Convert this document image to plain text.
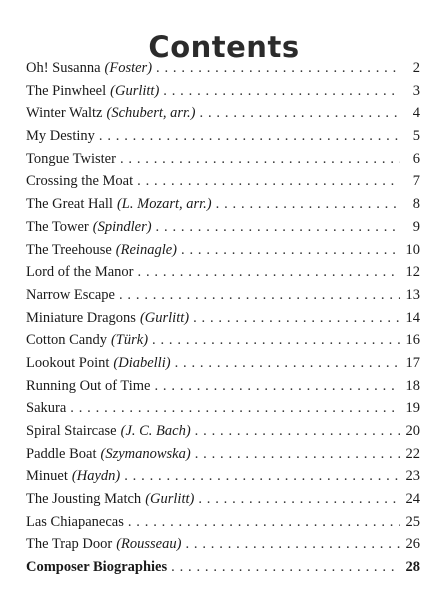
Contents
Oh! Susanna (Foster) . . .	2
The Pinwheel (Gurlitt) . . .	3
Winter Waltz (Schubert, arr.) . . .	4
My Destiny . . .	5
Tongue Twister . . .	6
Crossing the Moat . . .	7
The Great Hall (L. Mozart, arr.) . . .	8
The Tower (Spindler) . . .	9
The Treehouse (Reinagle) . . .	10
Lord of the Manor . . .	12
Narrow Escape . . .	13
Miniature Dragons (Gurlitt) . . .	14
Cotton Candy (Türk) . . .	16
Lookout Point (Diabelli) . . .	17
Running Out of Time . . .	18
Sakura . . .	19
Spiral Staircase (J. C. Bach) . . .	20
Paddle Boat (Szymanowska) . . .	22
Minuet (Haydn) . . .	23
The Jousting Match (Gurlitt) . . .	24
Las Chiapanecas . . .	25
The Trap Door (Rousseau) . . .	26
Composer Biographies . . .	28
